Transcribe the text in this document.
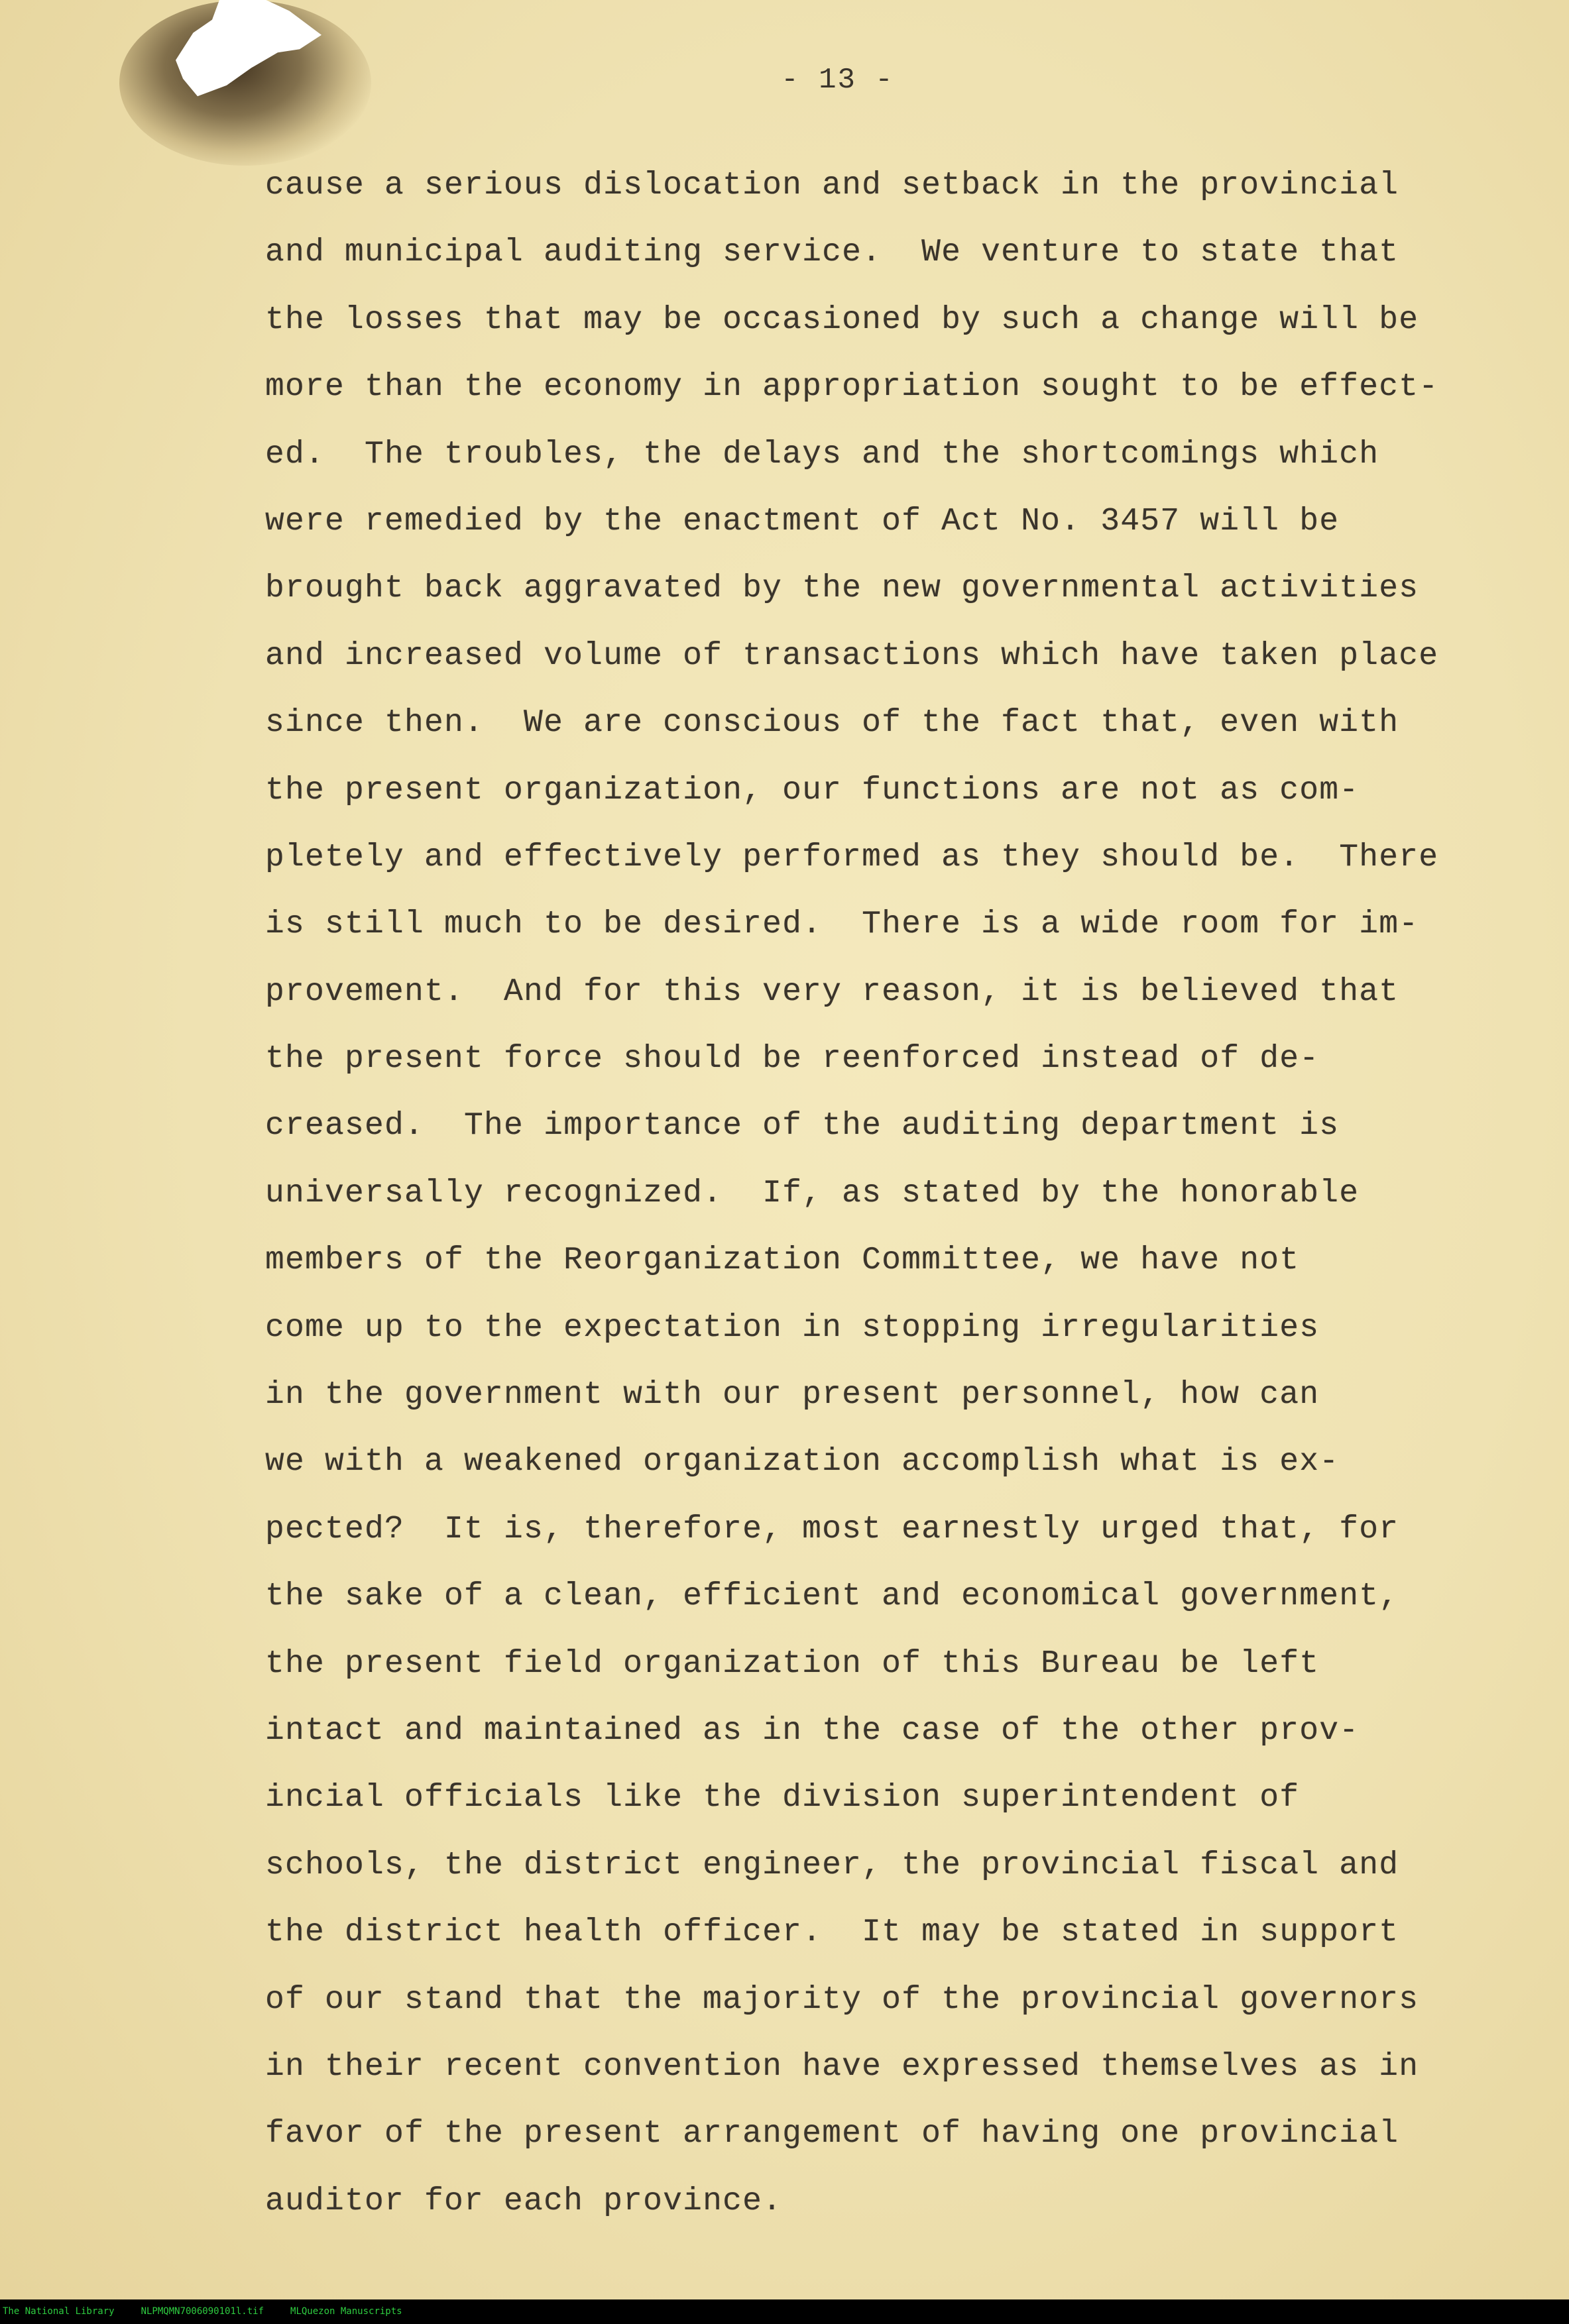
- 13 -
cause a serious dislocation and setback in the provincial
and municipal auditing service.  We venture to state that
the losses that may be occasioned by such a change will be
more than the economy in appropriation sought to be effect-
ed.  The troubles, the delays and the shortcomings which
were remedied by the enactment of Act No. 3457 will be
brought back aggravated by the new governmental activities
and increased volume of transactions which have taken place
since then.  We are conscious of the fact that, even with
the present organization, our functions are not as com-
pletely and effectively performed as they should be.  There
is still much to be desired.  There is a wide room for im-
provement.  And for this very reason, it is believed that
the present force should be reenforced instead of de-
creased.  The importance of the auditing department is
universally recognized.  If, as stated by the honorable
members of the Reorganization Committee, we have not
come up to the expectation in stopping irregularities
in the government with our present personnel, how can
we with a weakened organization accomplish what is ex-
pected?  It is, therefore, most earnestly urged that, for
the sake of a clean, efficient and economical government,
the present field organization of this Bureau be left
intact and maintained as in the case of the other prov-
incial officials like the division superintendent of
schools, the district engineer, the provincial fiscal and
the district health officer.  It may be stated in support
of our stand that the majority of the provincial governors
in their recent convention have expressed themselves as in
favor of the present arrangement of having one provincial
auditor for each province.
The National Library	NLPMQMN7006090101l.tif	MLQuezon Manuscripts
